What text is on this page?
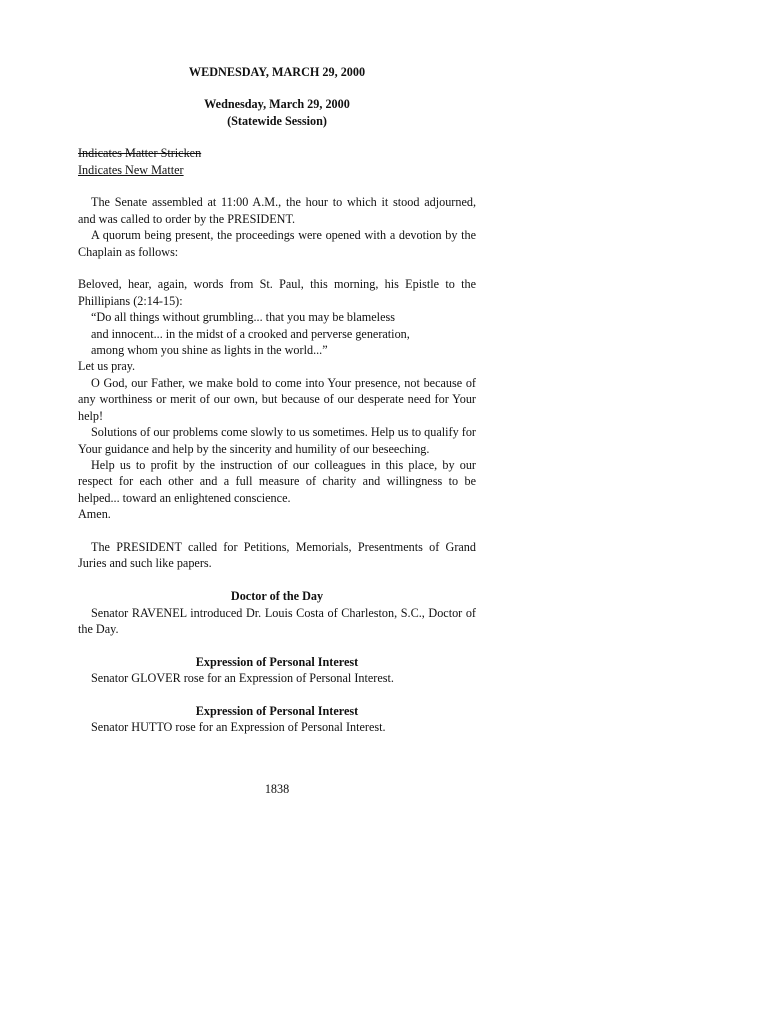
WEDNESDAY, MARCH 29, 2000
Wednesday, March 29, 2000
(Statewide Session)
Indicates Matter Stricken
Indicates New Matter

The Senate assembled at 11:00 A.M., the hour to which it stood adjourned, and was called to order by the PRESIDENT.

A quorum being present, the proceedings were opened with a devotion by the Chaplain as follows:

Beloved, hear, again, words from St. Paul, this morning, his Epistle to the Phillipians (2:14-15):

“Do all things without grumbling... that you may be blameless

and innocent... in the midst of a crooked and perverse generation,

among whom you shine as lights in the world...”

Let us pray.

O God, our Father, we make bold to come into Your presence, not because of any worthiness or merit of our own, but because of our desperate need for Your help!

Solutions of our problems come slowly to us sometimes. Help us to qualify for Your guidance and help by the sincerity and humility of our beseeching.

Help us to profit by the instruction of our colleagues in this place, by our respect for each other and a full measure of charity and willingness to be helped... toward an enlightened conscience.

Amen.

The PRESIDENT called for Petitions, Memorials, Presentments of Grand Juries and such like papers.

Doctor of the Day

Senator RAVENEL introduced Dr. Louis Costa of Charleston, S.C., Doctor of the Day.

Expression of Personal Interest

Senator GLOVER rose for an Expression of Personal Interest.

Expression of Personal Interest

Senator HUTTO rose for an Expression of Personal Interest.

1838
